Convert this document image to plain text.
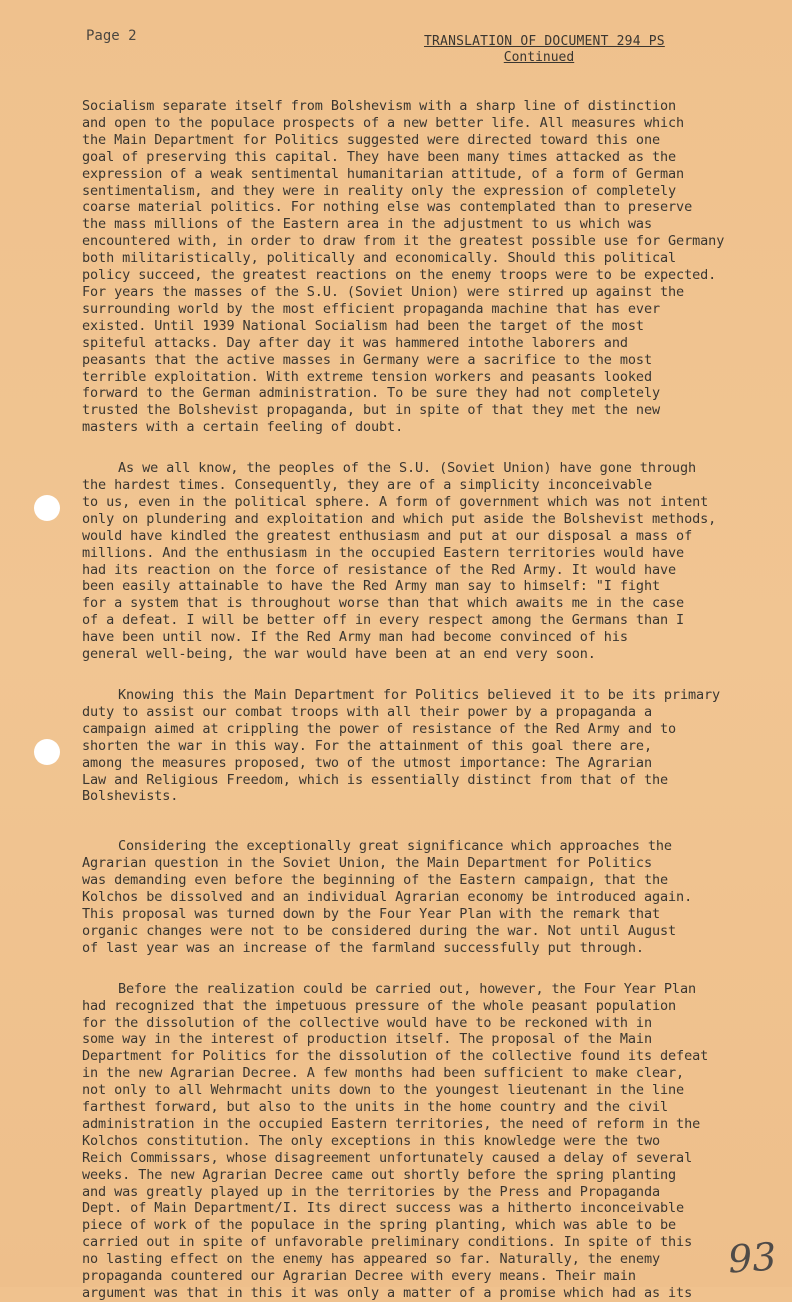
Page 2	TRANSLATION OF DOCUMENT 294 PS
Continued
Socialism separate itself from Bolshevism with a sharp line of distinction
and open to the populace prospects of a new better life. All measures which
the Main Department for Politics suggested were directed toward this one
goal of preserving this capital. They have been many times attacked as the
expression of a weak sentimental humanitarian attitude, of a form of German
sentimentalism, and they were in reality only the expression of completely
coarse material politics. For nothing else was contemplated than to preserve
the mass millions of the Eastern area in the adjustment to us which was
encountered with, in order to draw from it the greatest possible use for Germany
both militaristically, politically and economically. Should this political
policy succeed, the greatest reactions on the enemy troops were to be expected.
For years the masses of the S.U. (Soviet Union) were stirred up against the
surrounding world by the most efficient propaganda machine that has ever
existed. Until 1939 National Socialism had been the target of the most
spiteful attacks. Day after day it was hammered intothe laborers and
peasants that the active masses in Germany were a sacrifice to the most
terrible exploitation. With extreme tension workers and peasants looked
forward to the German administration. To be sure they had not completely
trusted the Bolshevist propaganda, but in spite of that they met the new
masters with a certain feeling of doubt.
As we all know, the peoples of the S.U. (Soviet Union) have gone through
the hardest times. Consequently, they are of a simplicity inconceivable
to us, even in the political sphere. A form of government which was not intent
only on plundering and exploitation and which put aside the Bolshevist methods,
would have kindled the greatest enthusiasm and put at our disposal a mass of
millions. And the enthusiasm in the occupied Eastern territories would have
had its reaction on the force of resistance of the Red Army. It would have
been easily attainable to have the Red Army man say to himself: "I fight
for a system that is throughout worse than that which awaits me in the case
of a defeat. I will be better off in every respect among the Germans than I
have been until now. If the Red Army man had become convinced of his
general well-being, the war would have been at an end very soon.
Knowing this the Main Department for Politics believed it to be its primary
duty to assist our combat troops with all their power by a propaganda a
campaign aimed at crippling the power of resistance of the Red Army and to
shorten the war in this way. For the attainment of this goal there are,
among the measures proposed, two of the utmost importance: The Agrarian
Law and Religious Freedom, which is essentially distinct from that of the
Bolshevists.
Considering the exceptionally great significance which approaches the
Agrarian question in the Soviet Union, the Main Department for Politics
was demanding even before the beginning of the Eastern campaign, that the
Kolchos be dissolved and an individual Agrarian economy be introduced again.
This proposal was turned down by the Four Year Plan with the remark that
organic changes were not to be considered during the war. Not until August
of last year was an increase of the farmland successfully put through.
Before the realization could be carried out, however, the Four Year Plan
had recognized that the impetuous pressure of the whole peasant population
for the dissolution of the collective would have to be reckoned with in
some way in the interest of production itself. The proposal of the Main
Department for Politics for the dissolution of the collective found its defeat
in the new Agrarian Decree. A few months had been sufficient to make clear,
not only to all Wehrmacht units down to the youngest lieutenant in the line
farthest forward, but also to the units in the home country and the civil
administration in the occupied Eastern territories, the need of reform in the
Kolchos constitution. The only exceptions in this knowledge were the two
Reich Commissars, whose disagreement unfortunately caused a delay of several
weeks. The new Agrarian Decree came out shortly before the spring planting
and was greatly played up in the territories by the Press and Propaganda
Dept. of Main Department/I. Its direct success was a hitherto inconceivable
piece of work of the populace in the spring planting, which was able to be
carried out in spite of unfavorable preliminary conditions. In spite of this
no lasting effect on the enemy has appeared so far. Naturally, the enemy
propaganda countered our Agrarian Decree with every means. Their main
argument was that in this it was only a matter of a promise which had as its
93
